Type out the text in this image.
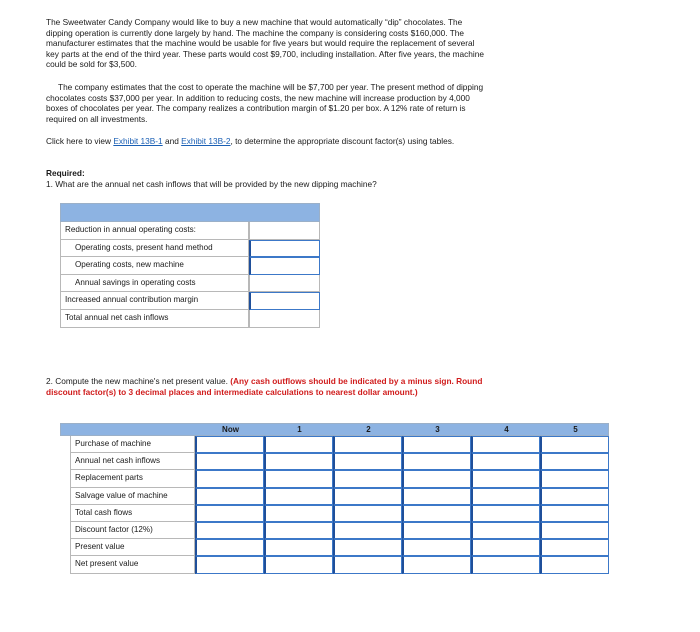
The Sweetwater Candy Company would like to buy a new machine that would automatically “dip” chocolates. The dipping operation is currently done largely by hand. The machine the company is considering costs $160,000. The manufacturer estimates that the machine would be usable for five years but would require the replacement of several key parts at the end of the third year. These parts would cost $9,700, including installation. After five years, the machine could be sold for $3,500.
The company estimates that the cost to operate the machine will be $7,700 per year. The present method of dipping chocolates costs $37,000 per year. In addition to reducing costs, the new machine will increase production by 4,000 boxes of chocolates per year. The company realizes a contribution margin of $1.20 per box. A 12% rate of return is required on all investments.
Click here to view Exhibit 13B-1 and Exhibit 13B-2, to determine the appropriate discount factor(s) using tables.
Required:
1. What are the annual net cash inflows that will be provided by the new dipping machine?
Reduction in annual operating costs:
Operating costs, present hand method
Operating costs, new machine
Annual savings in operating costs
Increased annual contribution margin
Total annual net cash inflows
2. Compute the new machine's net present value. (Any cash outflows should be indicated by a minus sign. Round discount factor(s) to 3 decimal places and intermediate calculations to nearest dollar amount.)
Now	1	2	3	4	5
Purchase of machine
Annual net cash inflows
Replacement parts
Salvage value of machine
Total cash flows
Discount factor (12%)
Present value
Net present value
